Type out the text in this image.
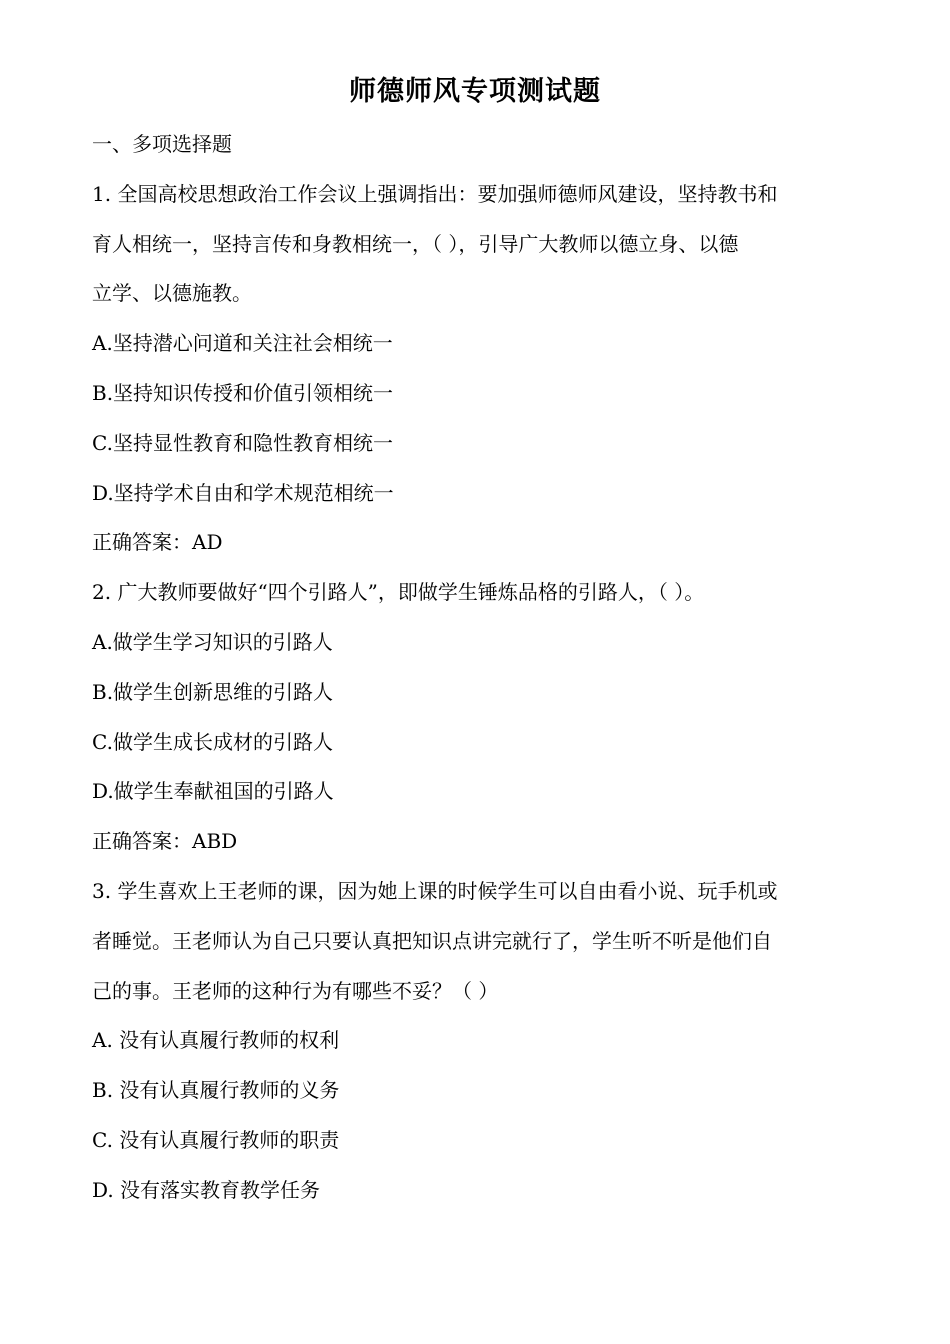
师德师风专项测试题

一、多项选择题

1. 全国高校思想政治工作会议上强调指出：要加强师德师风建设，坚持教书和

育人相统一，坚持言传和身教相统一，（ ），引导广大教师以德立身、以德

立学、以德施教。

A.坚持潜心问道和关注社会相统一

B.坚持知识传授和价值引领相统一

C.坚持显性教育和隐性教育相统一

D.坚持学术自由和学术规范相统一

正确答案：AD

2. 广大教师要做好“四个引路人”，即做学生锤炼品格的引路人，（ ）。

A.做学生学习知识的引路人

B.做学生创新思维的引路人

C.做学生成长成材的引路人

D.做学生奉献祖国的引路人

正确答案：ABD

3. 学生喜欢上王老师的课，因为她上课的时候学生可以自由看小说、玩手机或

者睡觉。王老师认为自己只要认真把知识点讲完就行了，学生听不听是他们自

己的事。王老师的这种行为有哪些不妥？（ ）

A. 没有认真履行教师的权利

B. 没有认真履行教师的义务

C. 没有认真履行教师的职责

D. 没有落实教育教学任务
